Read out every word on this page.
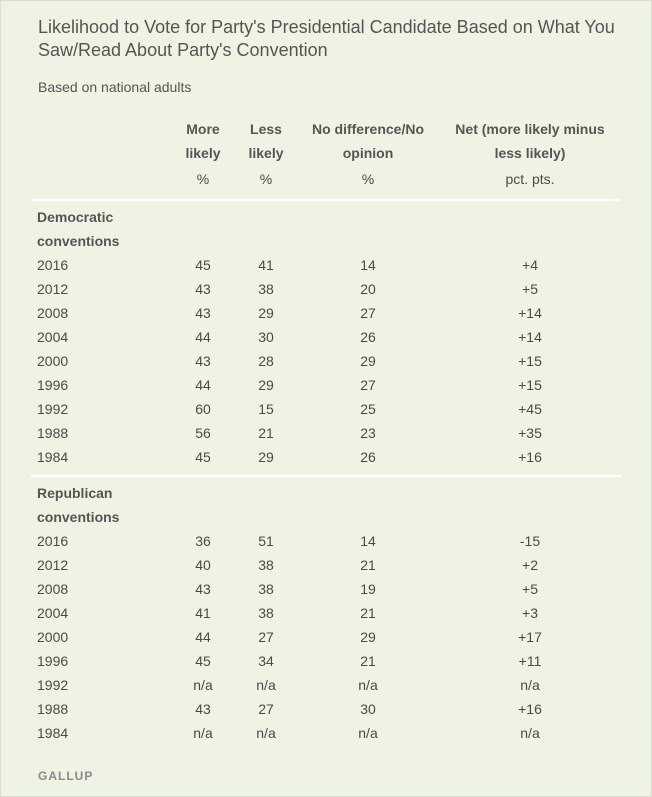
Likelihood to Vote for Party's Presidential Candidate Based on What You Saw/Read About Party's Convention
Based on national adults
	More likely	Less likely	No difference/No opinion	Net (more likely minus less likely)
	%	%	%	pct. pts.

Democratic conventions				

2016	45	41	14	+4
2012	43	38	20	+5
2008	43	29	27	+14
2004	44	30	26	+14
2000	43	28	29	+15
1996	44	29	27	+15
1992	60	15	25	+45
1988	56	21	23	+35
1984	45	29	26	+16

Republican conventions				

2016	36	51	14	-15
2012	40	38	21	+2
2008	43	38	19	+5
2004	41	38	21	+3
2000	44	27	29	+17
1996	45	34	21	+11
1992	n/a	n/a	n/a	n/a
1988	43	27	30	+16
1984	n/a	n/a	n/a	n/a
GALLUP
